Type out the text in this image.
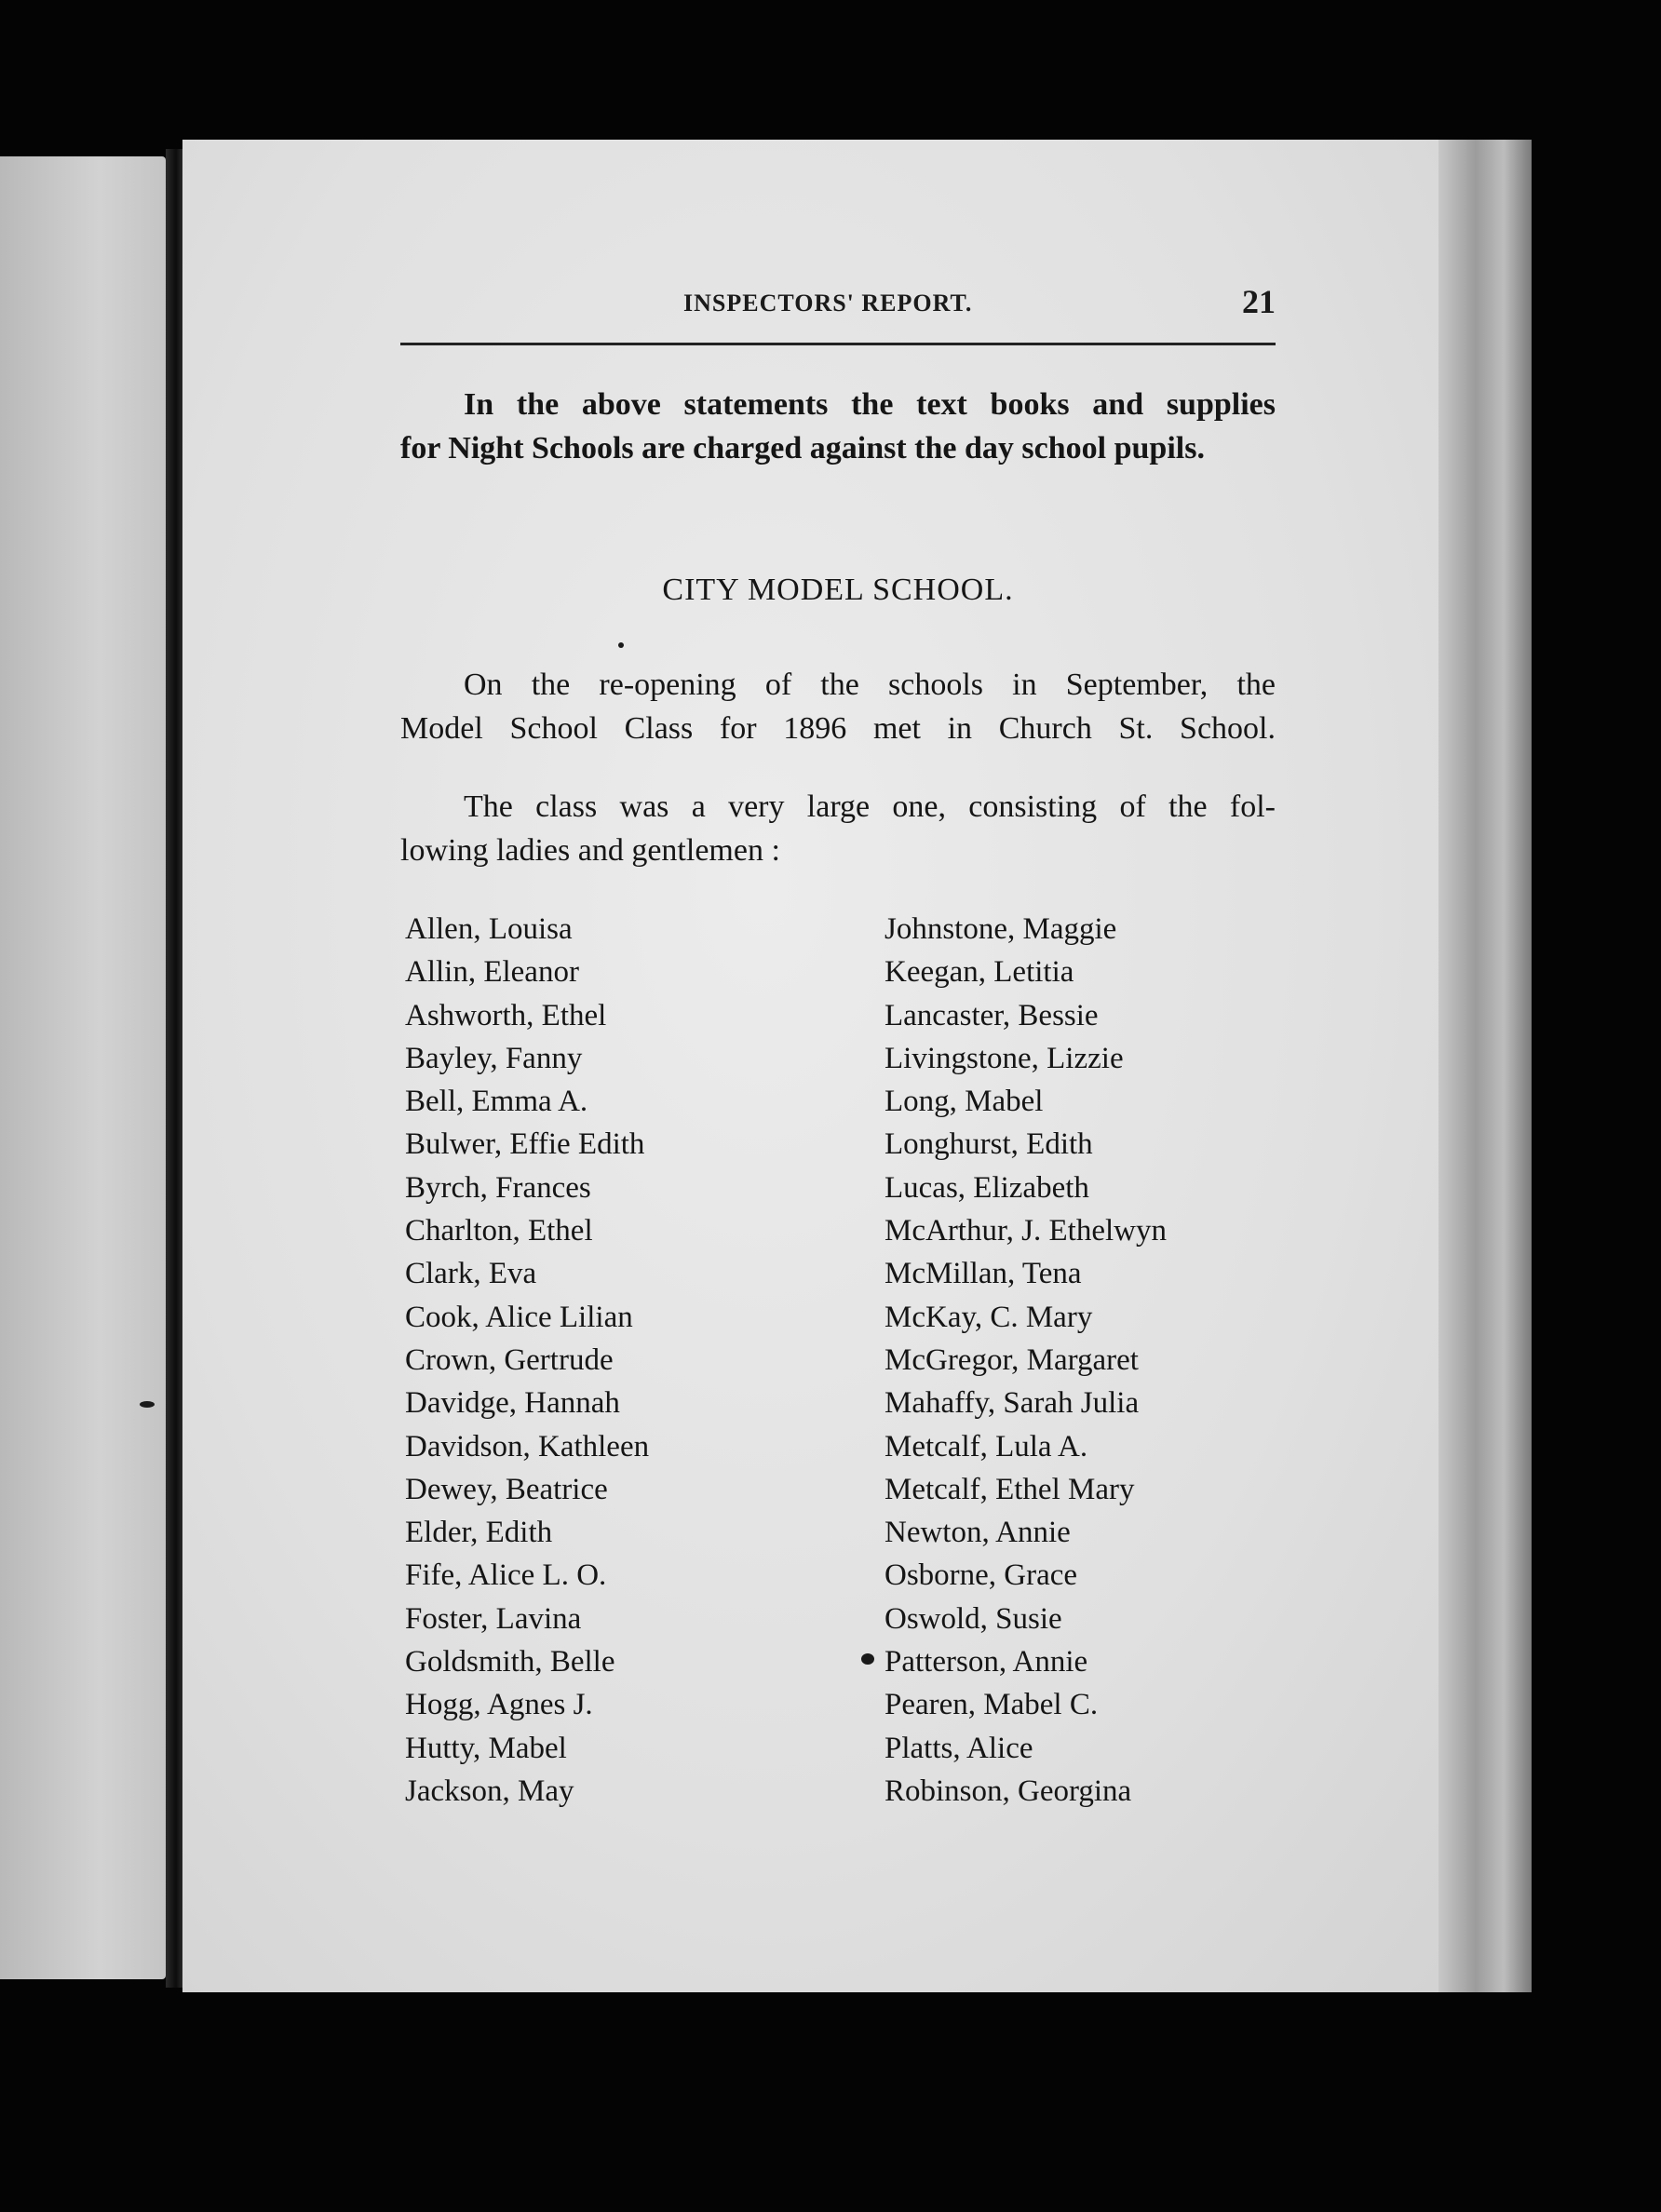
INSPECTORS' REPORT.	21
In the above statements the text books and supplies
for Night Schools are charged against the day school pupils.
CITY MODEL SCHOOL.
On the re-opening of the schools in September, the
Model School Class for 1896 met in Church St. School.
The class was a very large one, consisting of the fol-
lowing ladies and gentlemen :
Allen, Louisa
Allin, Eleanor
Ashworth, Ethel
Bayley, Fanny
Bell, Emma A.
Bulwer, Effie Edith
Byrch, Frances
Charlton, Ethel
Clark, Eva
Cook, Alice Lilian
Crown, Gertrude
Davidge, Hannah
Davidson, Kathleen
Dewey, Beatrice
Elder, Edith
Fife, Alice L. O.
Foster, Lavina
Goldsmith, Belle
Hogg, Agnes J.
Hutty, Mabel
Jackson, May
Johnstone, Maggie
Keegan, Letitia
Lancaster, Bessie
Livingstone, Lizzie
Long, Mabel
Longhurst, Edith
Lucas, Elizabeth
McArthur, J. Ethelwyn
McMillan, Tena
McKay, C. Mary
McGregor, Margaret
Mahaffy, Sarah Julia
Metcalf, Lula A.
Metcalf, Ethel Mary
Newton, Annie
Osborne, Grace
Oswold, Susie
Patterson, Annie
Pearen, Mabel C.
Platts, Alice
Robinson, Georgina
